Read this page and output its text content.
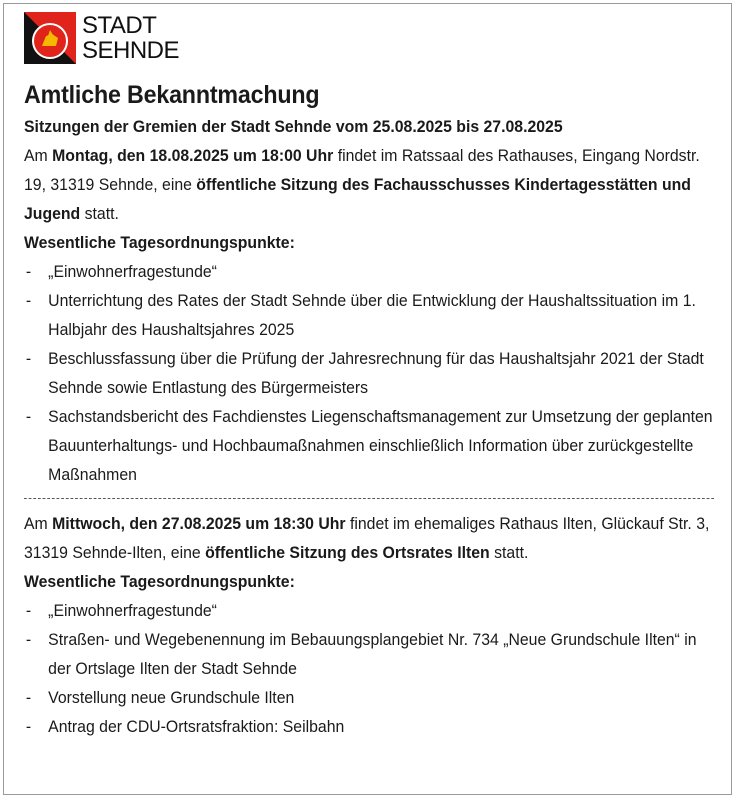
STADT
SEHNDE
Amtliche Bekanntmachung
Sitzungen der Gremien der Stadt Sehnde vom 25.08.2025 bis 27.08.2025

Am Montag, den 18.08.2025 um 18:00 Uhr findet im Ratssaal des Rathauses, Eingang Nordstr. 19, 31319 Sehnde, eine öffentliche Sitzung des Fachausschusses Kindertagesstätten und Jugend statt.

Wesentliche Tagesordnungspunkte:
- „Einwohnerfragestunde“
- Unterrichtung des Rates der Stadt Sehnde über die Entwicklung der Haushaltssituation im 1. Halbjahr des Haushaltsjahres 2025
- Beschlussfassung über die Prüfung der Jahresrechnung für das Haushaltsjahr 2021 der Stadt Sehnde sowie Entlastung des Bürgermeisters
- Sachstandsbericht des Fachdienstes Liegenschaftsmanagement zur Umsetzung der geplanten Bauunterhaltungs- und Hochbaumaßnahmen einschließlich Information über zurückgestellte Maßnahmen

Am Mittwoch, den 27.08.2025 um 18:30 Uhr findet im ehemaliges Rathaus Ilten, Glückauf Str. 3, 31319 Sehnde-Ilten, eine öffentliche Sitzung des Ortsrates Ilten statt.

Wesentliche Tagesordnungspunkte:
- „Einwohnerfragestunde“
- Straßen- und Wegebenennung im Bebauungsplangebiet Nr. 734 „Neue Grundschule Ilten“ in der Ortslage Ilten der Stadt Sehnde
- Vorstellung neue Grundschule Ilten
- Antrag der CDU-Ortsratsfraktion: Seilbahn
